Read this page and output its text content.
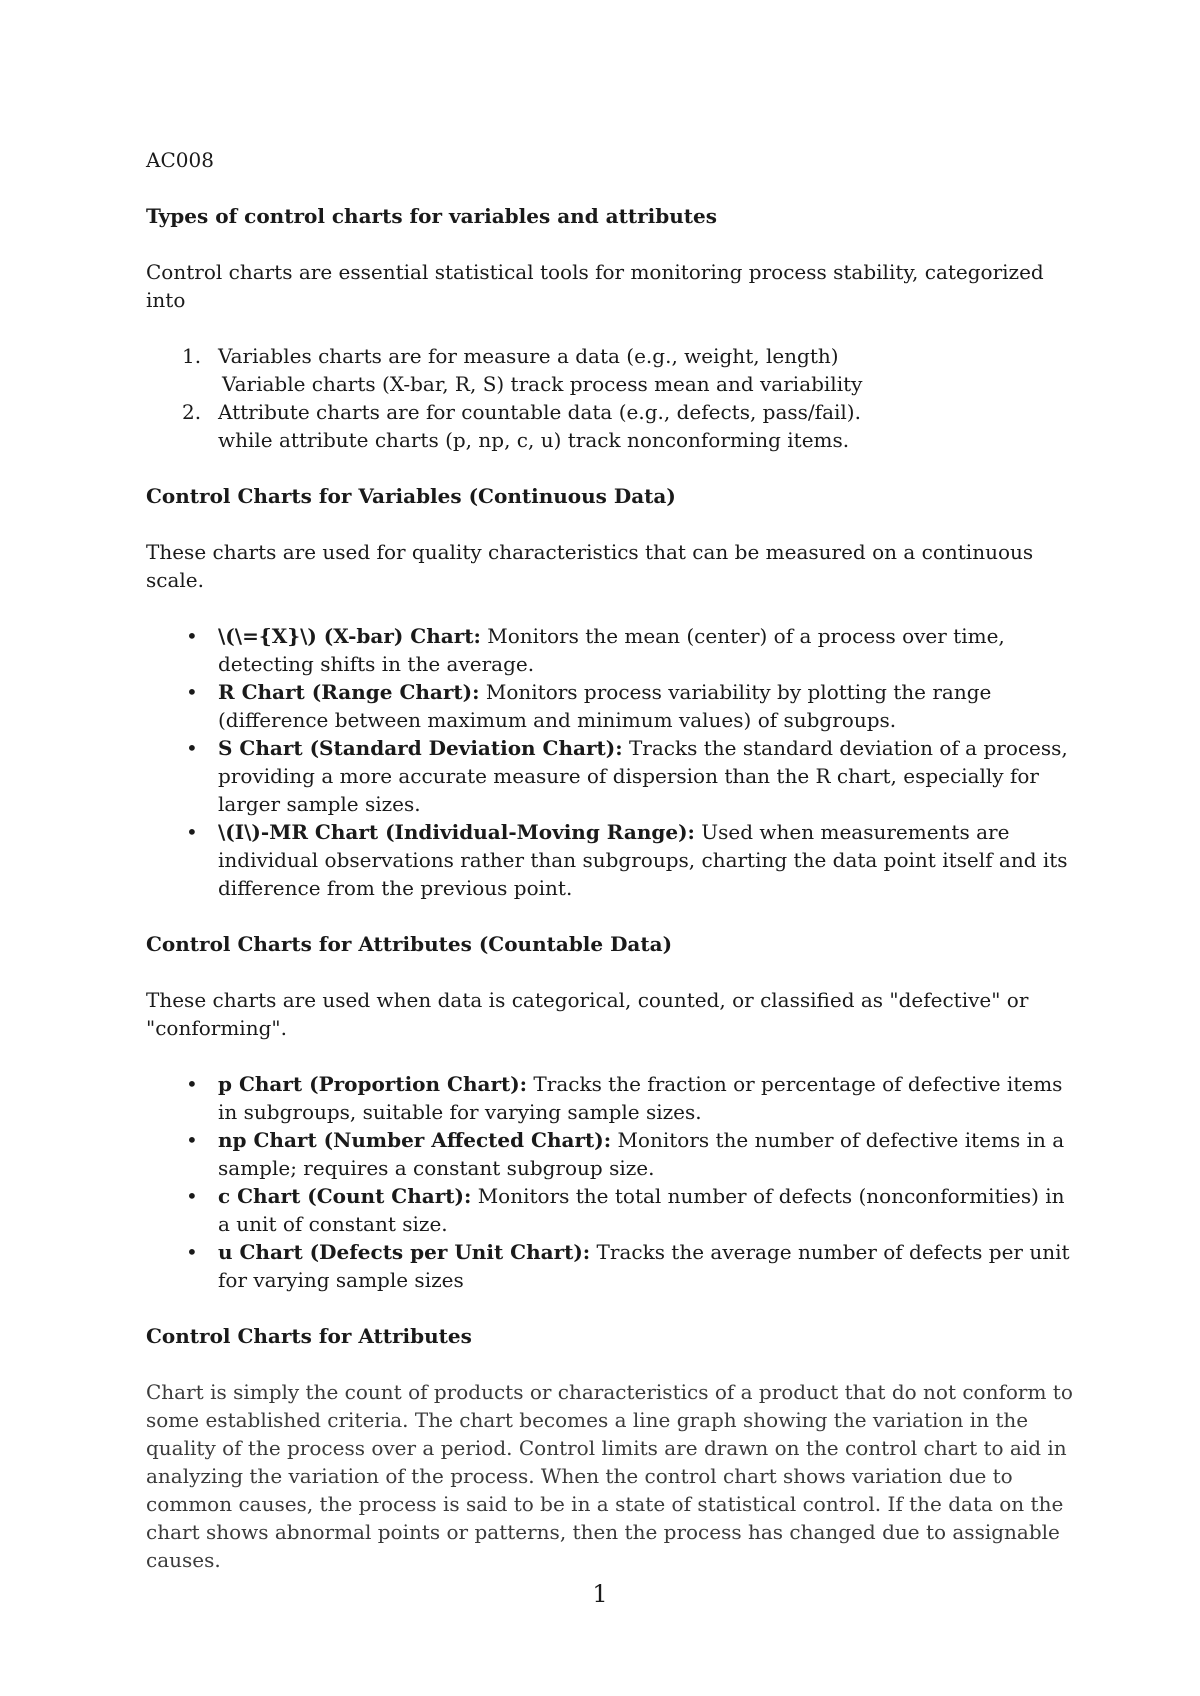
AC008

Types of control charts for variables and attributes

Control charts are essential statistical tools for monitoring process stability, categorized into

1. Variables charts are for measure a data (e.g., weight, length)
Variable charts (X-bar, R, S) track process mean and variability
2. Attribute charts are for countable data (e.g., defects, pass/fail).
while attribute charts (p, np, c, u) track nonconforming items.
Control Charts for Variables (Continuous Data)

These charts are used for quality characteristics that can be measured on a continuous scale.

• \(\={X}\) (X-bar) Chart: Monitors the mean (center) of a process over time, detecting shifts in the average.
• R Chart (Range Chart): Monitors process variability by plotting the range (difference between maximum and minimum values) of subgroups.
• S Chart (Standard Deviation Chart): Tracks the standard deviation of a process, providing a more accurate measure of dispersion than the R chart, especially for larger sample sizes.
• \(I\)-MR Chart (Individual-Moving Range): Used when measurements are individual observations rather than subgroups, charting the data point itself and its difference from the previous point.
Control Charts for Attributes (Countable Data)

These charts are used when data is categorical, counted, or classified as "defective" or "conforming".

• p Chart (Proportion Chart): Tracks the fraction or percentage of defective items in subgroups, suitable for varying sample sizes.
• np Chart (Number Affected Chart): Monitors the number of defective items in a sample; requires a constant subgroup size.
• c Chart (Count Chart): Monitors the total number of defects (nonconformities) in a unit of constant size.
• u Chart (Defects per Unit Chart): Tracks the average number of defects per unit for varying sample sizes
Control Charts for Attributes

Chart is simply the count of products or characteristics of a product that do not conform to some established criteria. The chart becomes a line graph showing the variation in the quality of the process over a period. Control limits are drawn on the control chart to aid in analyzing the variation of the process. When the control chart shows variation due to common causes, the process is said to be in a state of statistical control. If the data on the chart shows abnormal points or patterns, then the process has changed due to assignable causes.

1
